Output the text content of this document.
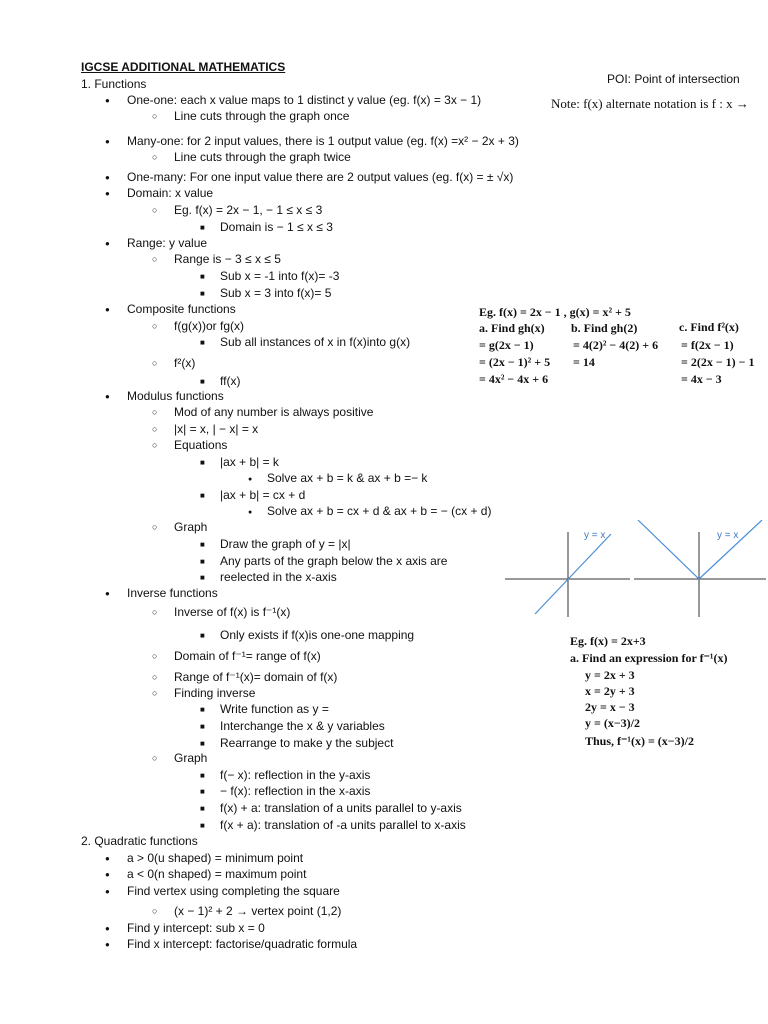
IGCSE ADDITIONAL MATHEMATICS
POI: Point of intersection
Note: f(x) alternate notation is f : x →
1. Functions
● One-one: each x value maps to 1 distinct y value (eg. f(x) = 3x − 1)
○ Line cuts through the graph once
● Many-one: for 2 input values, there is 1 output value (eg. f(x) =x² − 2x + 3)
○ Line cuts through the graph twice
● One-many: For one input value there are 2 output values (eg. f(x) = ± √x)
● Domain: x value
○ Eg. f(x) = 2x − 1, − 1 ≤ x ≤ 3
■ Domain is − 1 ≤ x ≤ 3
● Range: y value
○ Range is − 3 ≤ x ≤ 5
■ Sub x = -1 into f(x)= -3
■ Sub x = 3 into f(x)= 5
● Composite functions
○ f(g(x))or fg(x)
■ Sub all instances of x in f(x)into g(x)
○ f²(x)
■ ff(x)
● Modulus functions
○ Mod of any number is always positive
○ |x| = x, | − x| = x
○ Equations
■ |ax + b| = k
● Solve ax + b = k & ax + b =− k
■ |ax + b| = cx + d
● Solve ax + b = cx + d & ax + b = − (cx + d)
○ Graph
■ Draw the graph of y = |x|
■ Any parts of the graph below the x axis are
■ reelected in the x-axis
● Inverse functions
○ Inverse of f(x) is f⁻¹(x)
■ Only exists if f(x)is one-one mapping
○ Domain of f⁻¹= range of f(x)
○ Range of f⁻¹(x)= domain of f(x)
○ Finding inverse
■ Write function as y =
■ Interchange the x & y variables
■ Rearrange to make y the subject
○ Graph
■ f(− x): reflection in the y-axis
■ − f(x): reflection in the x-axis
■ f(x) + a: translation of a units parallel to y-axis
■ f(x + a): translation of -a units parallel to x-axis
2. Quadratic functions
● a > 0(u shaped) = minimum point
● a < 0(n shaped) = maximum point
● Find vertex using completing the square
○ (x − 1)² + 2 → vertex point (1,2)
● Find y intercept: sub x = 0
● Find x intercept: factorise/quadratic formula
Eg. f(x) = 2x − 1 , g(x) = x² + 5
a. Find gh(x)
= g(2x − 1)
= (2x − 1)² + 5
= 4x² − 4x + 6
b. Find gh(2)
= 4(2)² − 4(2) + 6
= 14
c. Find f²(x)
= f(2x − 1)
= 2(2x − 1) − 1
= 4x − 3
y = x	y = x
Eg. f(x) = 2x+3
a. Find an expression for f⁻¹(x)
y = 2x + 3
x = 2y + 3
2y = x − 3
y = (x−3)/2
Thus, f⁻¹(x) = (x−3)/2
